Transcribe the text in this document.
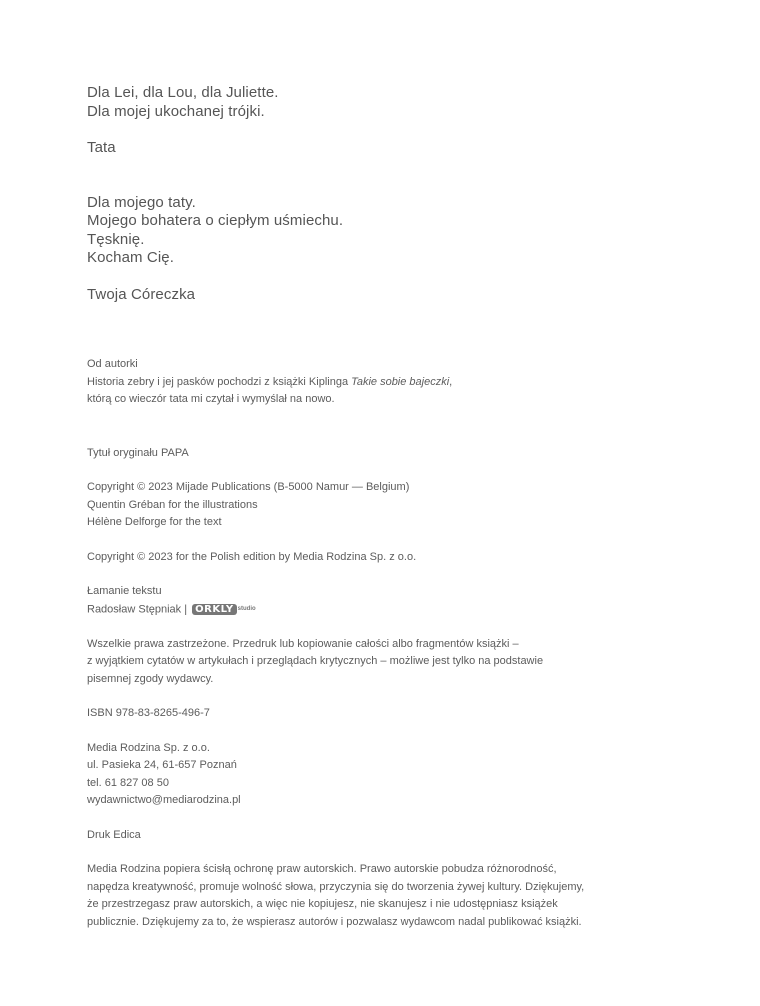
Dla Lei, dla Lou, dla Juliette.

Dla mojej ukochanej trójki.

Tata

Dla mojego taty.

Mojego bohatera o ciepłym uśmiechu.

Tęsknię.

Kocham Cię.

Twoja Córeczka

Od autorki

Historia zebry i jej pasków pochodzi z książki Kiplinga Takie sobie bajeczki,

którą co wieczór tata mi czytał i wymyślał na nowo.

Tytuł oryginału PAPA

Copyright © 2023 Mijade Publications (B-5000 Namur — Belgium)

Quentin Gréban for the illustrations

Hélène Delforge for the text

Copyright © 2023 for the Polish edition by Media Rodzina Sp. z o.o.

Łamanie tekstu

Radosław Stępniak | ORKLY studio

Wszelkie prawa zastrzeżone. Przedruk lub kopiowanie całości albo fragmentów książki –

z wyjątkiem cytatów w artykułach i przeglądach krytycznych – możliwe jest tylko na podstawie

pisemnej zgody wydawcy.

ISBN 978-83-8265-496-7

Media Rodzina Sp. z o.o.

ul. Pasieka 24, 61-657 Poznań

tel. 61 827 08 50

wydawnictwo@mediarodzina.pl

Druk Edica

Media Rodzina popiera ścisłą ochronę praw autorskich. Prawo autorskie pobudza różnorodność,

napędza kreatywność, promuje wolność słowa, przyczynia się do tworzenia żywej kultury. Dziękujemy,

że przestrzegasz praw autorskich, a więc nie kopiujesz, nie skanujesz i nie udostępniasz książek

publicznie. Dziękujemy za to, że wspierasz autorów i pozwalasz wydawcom nadal publikować książki.
